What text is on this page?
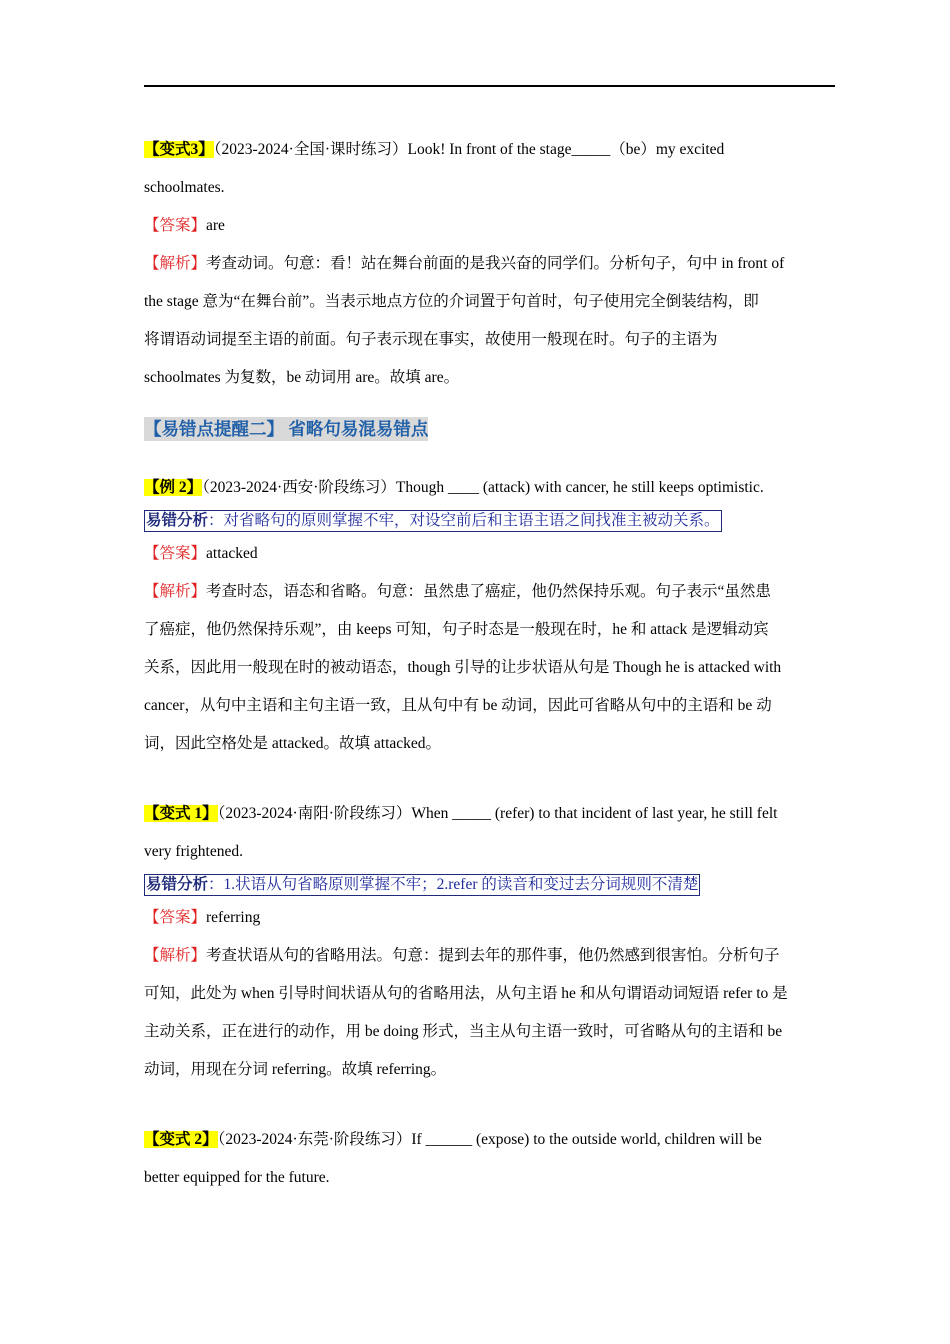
【变式3】（2023-2024·全国·课时练习）Look! In front of the stage_____（be）my excited

schoolmates.

【答案】are

【解析】考查动词。句意：看！站在舞台前面的是我兴奋的同学们。分析句子，句中 in front of

the stage 意为“在舞台前”。当表示地点方位的介词置于句首时，句子使用完全倒装结构，即

将谓语动词提至主语的前面。句子表示现在事实，故使用一般现在时。句子的主语为

schoolmates 为复数，be 动词用 are。故填 are。

【易错点提醒二】 省略句易混易错点

【例 2】（2023-2024·西安·阶段练习）Though ____ (attack) with cancer, he still keeps optimistic.

易错分析：对省略句的原则掌握不牢，对设空前后和主语主语之间找准主被动关系。

【答案】attacked

【解析】考查时态，语态和省略。句意：虽然患了癌症，他仍然保持乐观。句子表示“虽然患

了癌症，他仍然保持乐观”，由 keeps 可知，句子时态是一般现在时，he 和 attack 是逻辑动宾

关系，因此用一般现在时的被动语态，though 引导的让步状语从句是 Though he is attacked with

cancer，从句中主语和主句主语一致，且从句中有 be 动词，因此可省略从句中的主语和 be 动

词，因此空格处是 attacked。故填 attacked。

【变式 1】（2023-2024·南阳·阶段练习）When _____ (refer) to that incident of last year, he still felt

very frightened.

易错分析：1.状语从句省略原则掌握不牢；2.refer 的读音和变过去分词规则不清楚

【答案】referring

【解析】考查状语从句的省略用法。句意：提到去年的那件事，他仍然感到很害怕。分析句子

可知，此处为 when 引导时间状语从句的省略用法，从句主语 he 和从句谓语动词短语 refer to 是

主动关系，正在进行的动作，用 be doing 形式，当主从句主语一致时，可省略从句的主语和 be

动词，用现在分词 referring。故填 referring。

【变式 2】（2023-2024·东莞·阶段练习）If ______ (expose) to the outside world, children will be

better equipped for the future.
